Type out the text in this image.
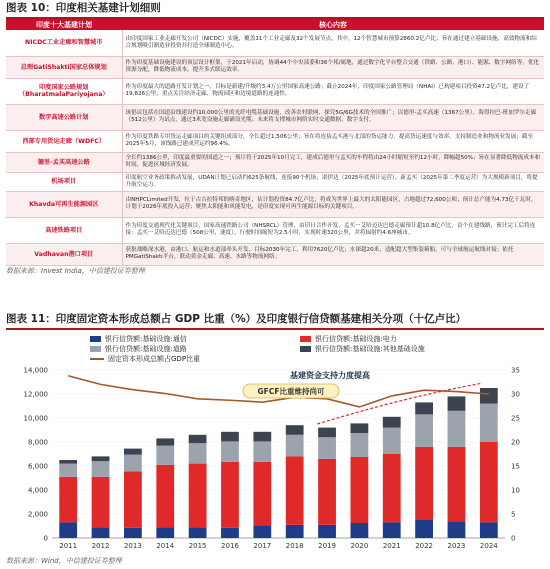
图表 10：印度相关基建计划细则
印度十大基建计划	核心内容
NICDC工业走廊和智慧城市	由印度国家工业走廊开发公司（NICDC）实施，覆盖11个工业走廊及32个发展节点，其中，12个智慧城市预算2860.2亿卢比；旨在通过建立基础设施、高效物流和综合规划吸引制造业投资并打造全球制造中心。
总理GatiShakti国家总体规划	作为印度基础设施建设的顶层设计框架，于2021年启动，协调44个中央部委和36个邦/属地，通过数字化平台整合交通（铁路、公路、港口）、能源、数字网络等，优化资源分配，降低物流成本，提升多式联运效率。
印度国家公路规划（BharatmalaPariyojana）	作为印度最大的道路开发计划之一，目标是新建/升级约3.4万公里国家高速公路；截止2024年，印度国家公路管理局（NHAI）已构建项目投资47.2亿卢比，建设了19,826公里；重点关注经济走廊、物流园区和边境道路的连通性。
数字高速公路计划	该倡议包括在国道沿线建设约10,000公里的光纤电缆基础设施，改善农村联网，探究5G/6G技术的全国推广；以德里-孟买高速（1367公里）、海得拉巴-班加罗尔走廊（512公里）为试点，通过3米宽设施走廊铺设光缆；未来将支撑城市网络实时交通数据、数字支付。
西部专用货运走廊（WDFC）	作为印度铁路专用货运走廊项目的关键组成部分，全长超过1,506公里；旨在将连接孟买港与北部的货运能力，提高货运速度与效率，支持制造业和物流业发展；截至2025年5月，该线路已建成营运约96.4%。
德里-孟买高速公路	全长约1386公里，印度最重要的国道之一；预计将于2025年10月完工，建成后德里与孟买的车程将由24小时缩短至约12小时，降幅超50%；旨在显著降低物流成本和时间，促进区域经济发展。
机场项目	印度航空业务政策推动发展，UDAN计划已启动约625条航线，连接90个机场；诺伊达（2025年底预计运营）、新孟买（2025年第二季度运营）为大规模新项目，将提升航空运力。
Khavda可再生能源园区	由NHPCLimited开发，位于古吉拉特邦的喀奇地区，佔计划投资84.7亿卢比，将成为世界上最大的太阳能园区，占地超过72,600公顷；预计总产能为4.73亿千瓦时，计划于2026年底投入运营；聚焦太阳能和风能发电，是印度实现可再生能源目标的关键项目。
高速铁路项目	作为印度交通现代化关键项目，国家高速铁路公司（NHSRCL）管理，由印日合作开发，孟买一艾哈迈达巴德走廊预计超10.8亿卢比，首个在建线路，预计完工后将连接：孟买一艾哈迈达巴德（508公里，速度），行驶时间缩短为2.5小时，实现时速320公里，并将辐射约4.6座城市。
Vadhavan港口项目	获批战略深水港，由港口、航运和水道部牵头开发，目标2030年完工，利用7620亿卢比；水深超20米，适配超大型集装箱船，可与全球航运航线对接；依托PMGatiShakti平台，联动黄金走廊、高速、水路等物流网络。
数据来源：Invest India，中信建投证券整理
图表 11：印度固定资本形成总额占 GDP 比重（%）及印度银行信贷额基建相关分项（十亿卢比）
银行信贷额:基础设施:通信	银行信贷额:基础设施:电力
银行信贷额:基础设施:道路	银行信贷额:基础设施:其他基础设施
固定资本形成总额占GDP比重
0
2,000
4,000
6,000
8,000
10,000
12,000
14,000
0
5
10
15
20
25
30
35
2011 2012 2013 2014 2015 2016 2017 2018 2019 2020 2021 2022 2023 2024
基建资金支持力度提高
GFCF比重维持尚可
数据来源：Wind，中信建投证券整理
